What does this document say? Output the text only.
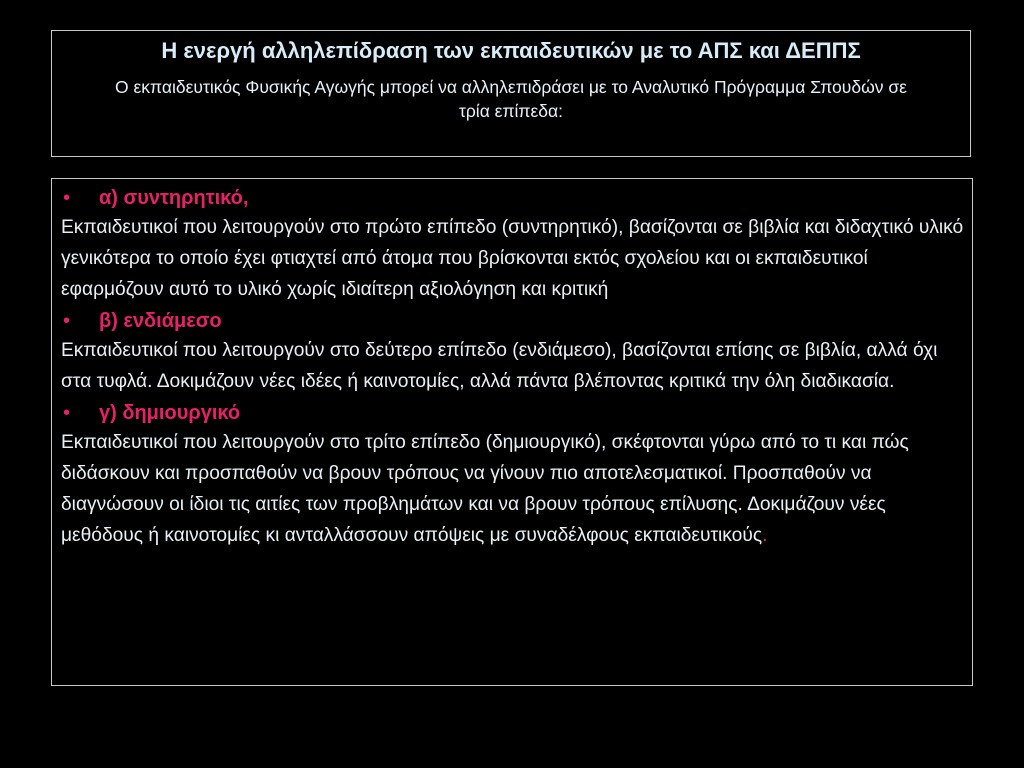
Η ενεργή αλληλεπίδραση των εκπαιδευτικών με το ΑΠΣ και ΔΕΠΠΣ
Ο εκπαιδευτικός Φυσικής Αγωγής μπορεί να αλληλεπιδράσει με το Αναλυτικό Πρόγραμμα Σπουδών σε τρία επίπεδα:
• α) συντηρητικό,
Εκπαιδευτικοί που λειτουργούν στο πρώτο επίπεδο (συντηρητικό), βασίζονται σε βιβλία και διδαχτικό υλικό γενικότερα το οποίο έχει φτιαχτεί από άτομα που βρίσκονται εκτός σχολείου και οι εκπαιδευτικοί εφαρμόζουν αυτό το υλικό χωρίς ιδιαίτερη αξιολόγηση και κριτική
• β) ενδιάμεσο
Εκπαιδευτικοί που λειτουργούν στο δεύτερο επίπεδο (ενδιάμεσο), βασίζονται επίσης σε βιβλία, αλλά όχι στα τυφλά. Δοκιμάζουν νέες ιδέες ή καινοτομίες, αλλά πάντα βλέποντας κριτικά την όλη διαδικασία.
• γ) δημιουργικό
Εκπαιδευτικοί που λειτουργούν στο τρίτο επίπεδο (δημιουργικό), σκέφτονται γύρω από το τι και πώς διδάσκουν και προσπαθούν να βρουν τρόπους να γίνουν πιο αποτελεσματικοί. Προσπαθούν να διαγνώσουν οι ίδιοι τις αιτίες των προβλημάτων και να βρουν τρόπους επίλυσης. Δοκιμάζουν νέες μεθόδους ή καινοτομίες κι ανταλλάσσουν απόψεις με συναδέλφους εκπαιδευτικούς.
